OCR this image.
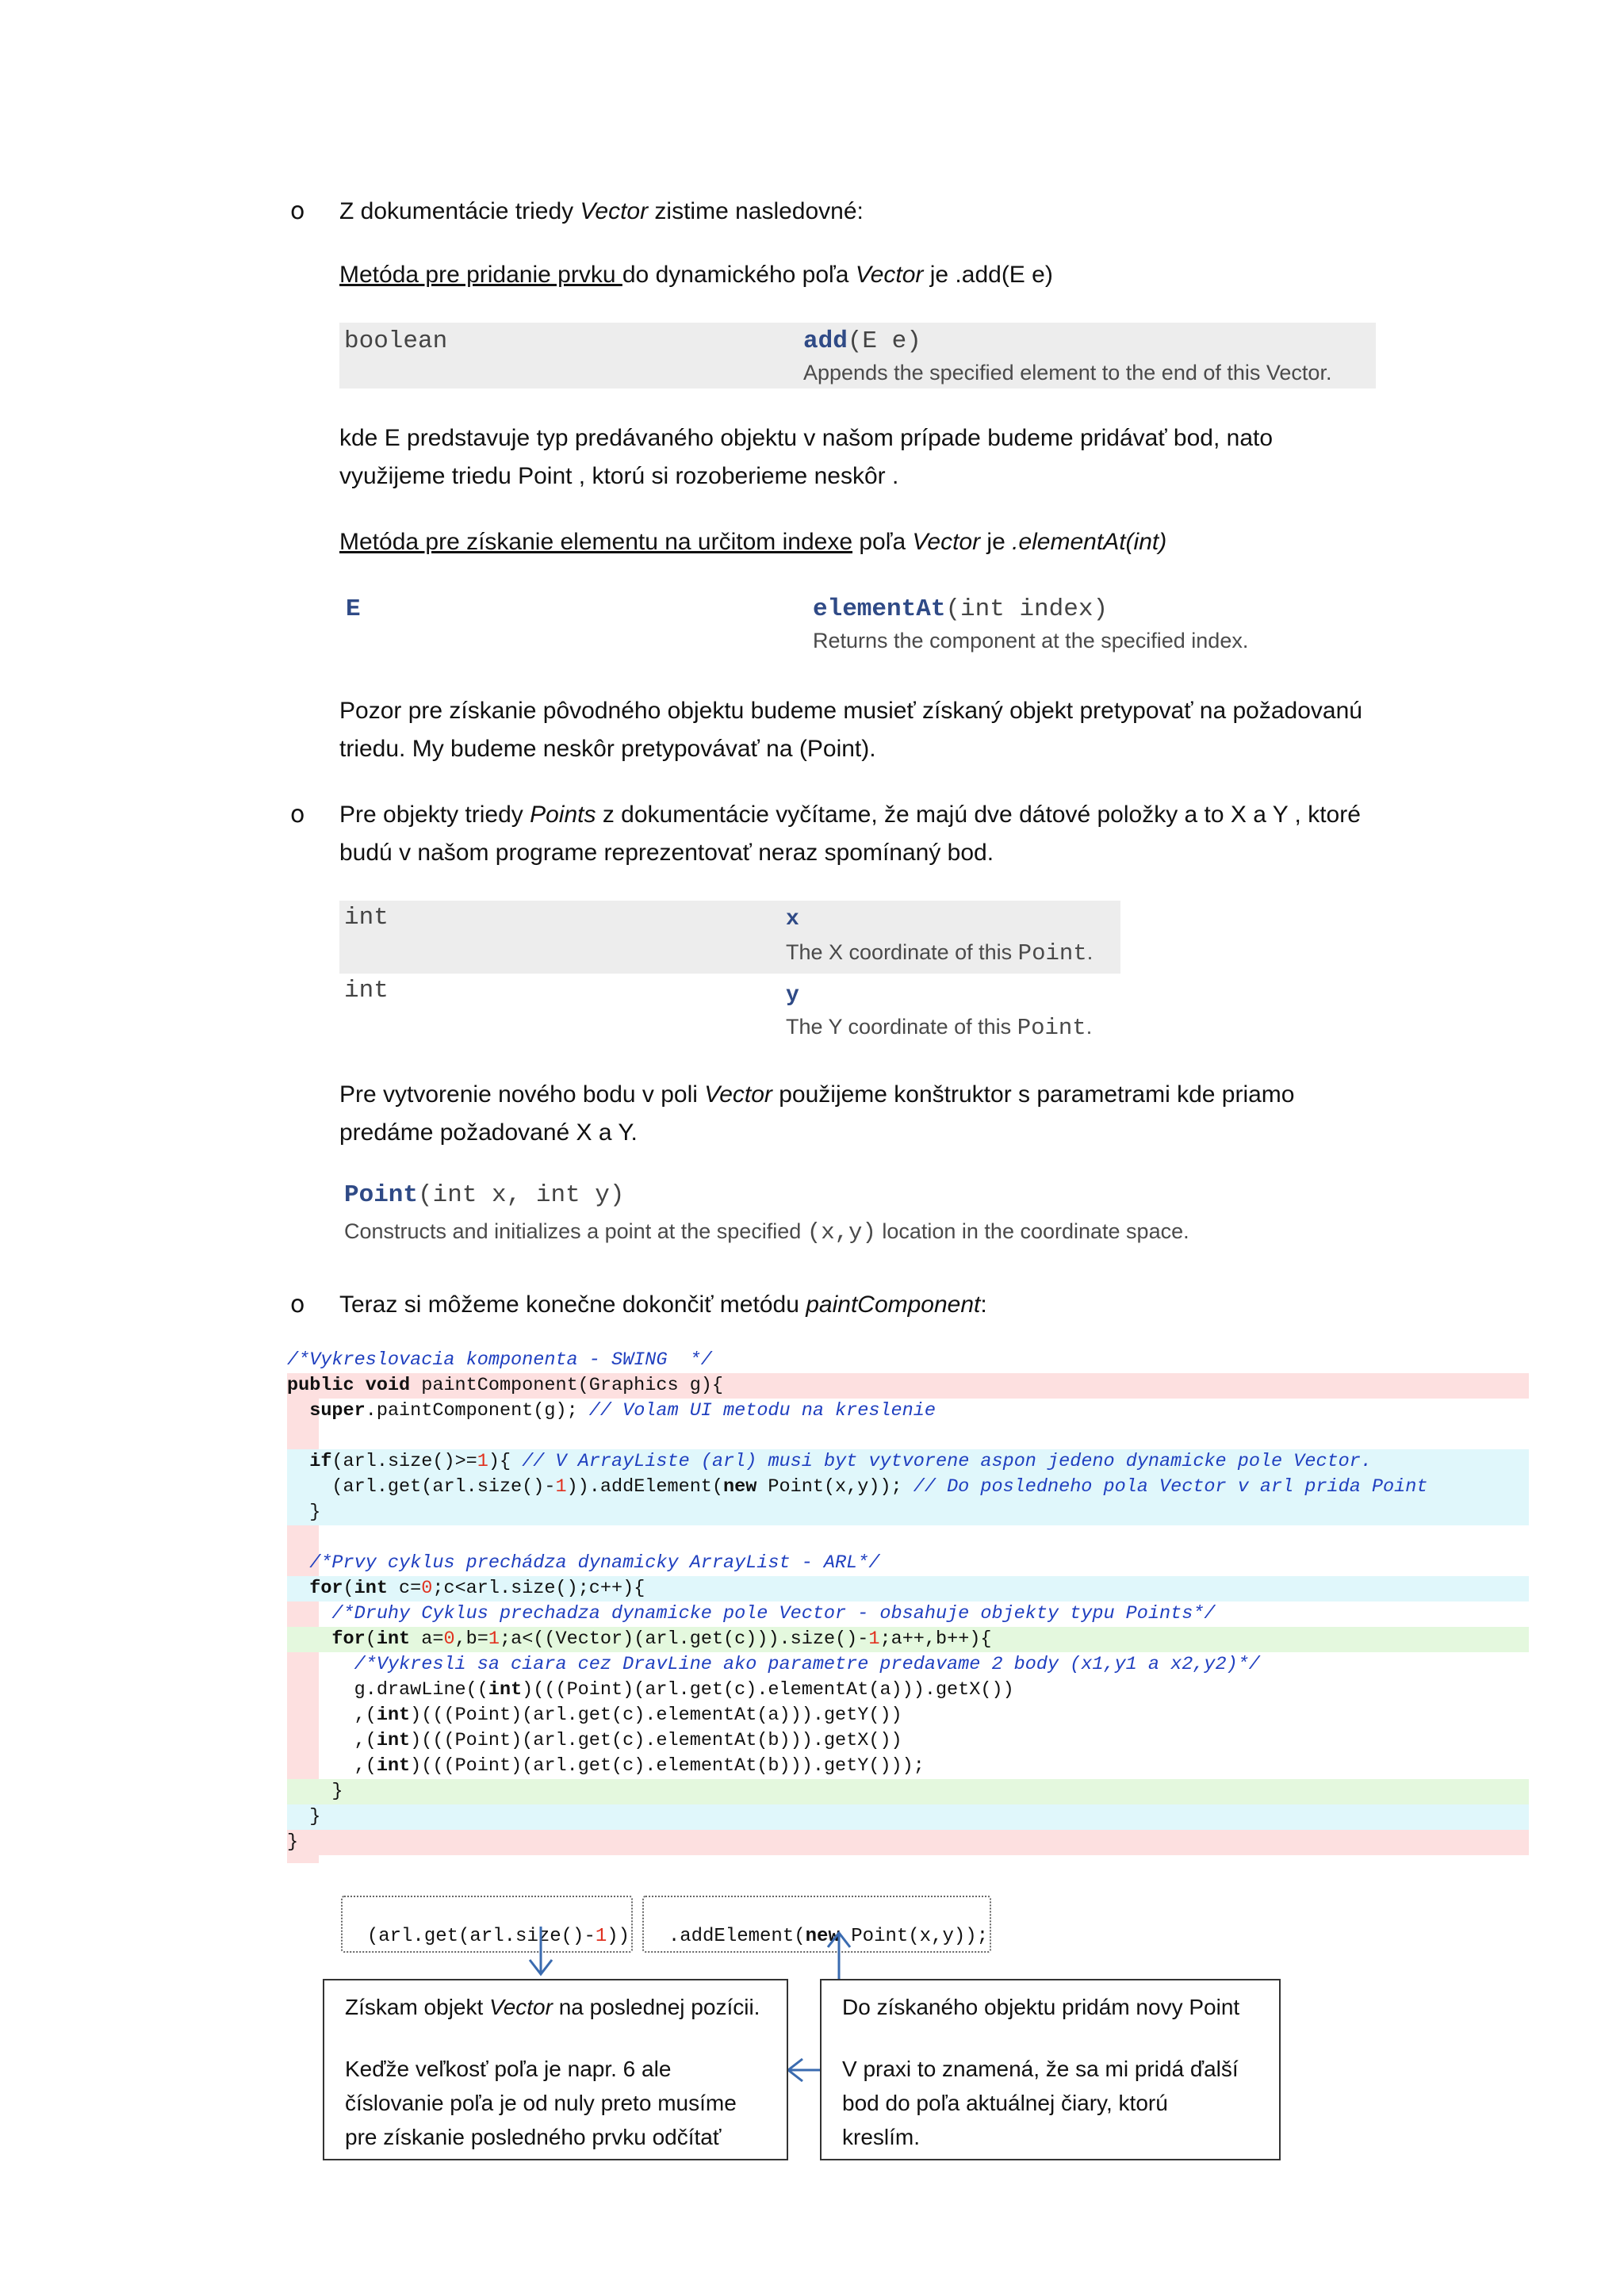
o Z dokumentácie triedy Vector zistime nasledovné:
Metóda pre pridanie prvku do dynamického poľa Vector je .add(E e)
boolean	add(E e)
Appends the specified element to the end of this Vector.
kde E predstavuje typ predávaného objektu v našom prípade budeme pridávať bod, nato
využijeme triedu Point , ktorú si rozoberieme neskôr .
Metóda pre získanie elementu na určitom indexe poľa Vector je .elementAt(int)
E	elementAt(int index)
Returns the component at the specified index.
Pozor pre získanie pôvodného objektu budeme musieť získaný objekt pretypovať na požadovanú
triedu. My budeme neskôr pretypovávať na (Point).
o Pre objekty triedy Points z dokumentácie vyčítame, že majú dve dátové položky a to X a Y , ktoré
budú v našom programe reprezentovať neraz spomínaný bod.
int	x
The X coordinate of this Point.
int	y
The Y coordinate of this Point.
Pre vytvorenie nového bodu v poli Vector použijeme konštruktor s parametrami kde priamo
predáme požadované X a Y.
Point(int x, int y)
Constructs and initializes a point at the specified (x,y) location in the coordinate space.
o Teraz si môžeme konečne dokončiť metódu paintComponent:
/*Vykreslovacia komponenta - SWING  */
public void paintComponent(Graphics g){
super.paintComponent(g); // Volam UI metodu na kreslenie

if(arl.size()>=1){ // V ArrayListe (arl) musi byt vytvorene aspon jedeno dynamicke pole Vector.
(arl.get(arl.size()-1)).addElement(new Point(x,y)); // Do posledneho pola Vector v arl prida Point
}

/*Prvy cyklus prechádza dynamicky ArrayList - ARL*/
for(int c=0;c<arl.size();c++){
/*Druhy Cyklus prechadza dynamicke pole Vector - obsahuje objekty typu Points*/
for(int a=0,b=1;a<((Vector)(arl.get(c))).size()-1;a++,b++){
/*Vykresli sa ciara cez DravLine ako parametre predavame 2 body (x1,y1 a x2,y2)*/
g.drawLine((int)(((Point)(arl.get(c).elementAt(a))).getX())
,(int)(((Point)(arl.get(c).elementAt(a))).getY())
,(int)(((Point)(arl.get(c).elementAt(b))).getX())
,(int)(((Point)(arl.get(c).elementAt(b))).getY()));
}
}
}

(arl.get(arl.size()-1))	.addElement(new Point(x,y));

Získam objekt Vector na poslednej pozícii.
Keďže veľkosť poľa je napr. 6 ale
číslovanie poľa je od nuly preto musíme
pre získanie posledného prvku odčítať
Do získaného objektu pridám novy Point
V praxi to znamená, že sa mi pridá ďalší
bod do poľa aktuálnej čiary, ktorú
kreslím.
